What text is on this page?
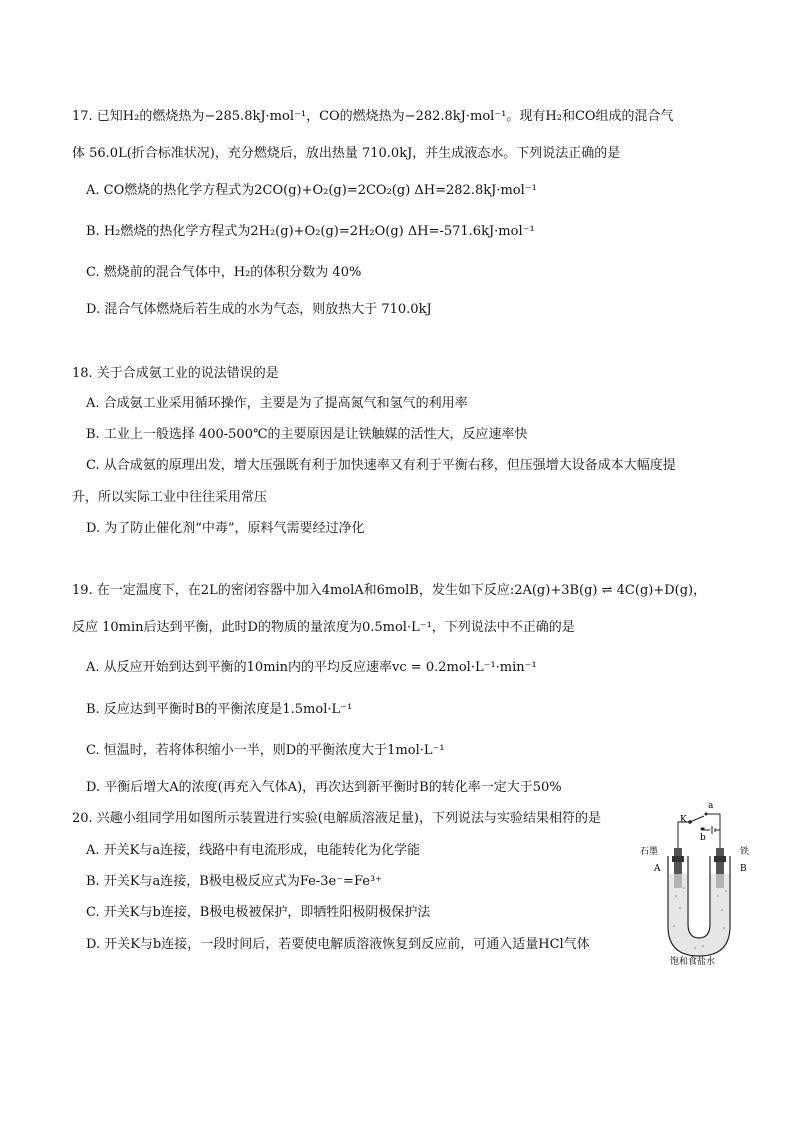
17. 已知H₂的燃烧热为−285.8kJ·mol⁻¹，CO的燃烧热为−282.8kJ·mol⁻¹。现有H₂和CO组成的混合气
体 56.0L(折合标准状况)，充分燃烧后，放出热量 710.0kJ，并生成液态水。下列说法正确的是
A. CO燃烧的热化学方程式为2CO(g)+O₂(g)=2CO₂(g) ΔH=282.8kJ·mol⁻¹
B. H₂燃烧的热化学方程式为2H₂(g)+O₂(g)=2H₂O(g) ΔH=-571.6kJ·mol⁻¹
C. 燃烧前的混合气体中，H₂的体积分数为 40%
D. 混合气体燃烧后若生成的水为气态，则放热大于 710.0kJ
18. 关于合成氨工业的说法错误的是
A. 合成氨工业采用循环操作，主要是为了提高氮气和氢气的利用率
B. 工业上一般选择 400-500℃的主要原因是让铁触媒的活性大，反应速率快
C. 从合成氨的原理出发，增大压强既有利于加快速率又有利于平衡右移，但压强增大设备成本大幅度提
升，所以实际工业中往往采用常压
D. 为了防止催化剂“中毒”，原料气需要经过净化
19. 在一定温度下，在2L的密闭容器中加入4molA和6molB，发生如下反应:2A(g)+3B(g) ⇌ 4C(g)+D(g)，
反应 10min后达到平衡，此时D的物质的量浓度为0.5mol·L⁻¹，下列说法中不正确的是
A. 从反应开始到达到平衡的10min内的平均反应速率vc = 0.2mol·L⁻¹·min⁻¹
B. 反应达到平衡时B的平衡浓度是1.5mol·L⁻¹
C. 恒温时，若将体积缩小一半，则D的平衡浓度大于1mol·L⁻¹
D. 平衡后增大A的浓度(再充入气体A)，再次达到新平衡时B的转化率一定大于50%
20. 兴趣小组同学用如图所示装置进行实验(电解质溶液足量)，下列说法与实验结果相符的是
A. 开关K与a连接，线路中有电流形成，电能转化为化学能
B. 开关K与a连接，B极电极反应式为Fe-3e⁻=Fe³⁺
C. 开关K与b连接，B极电极被保护，即牺牲阳极阴极保护法
D. 开关K与b连接，一段时间后，若要使电解质溶液恢复到反应前，可通入适量HCl气体
a
b
K
石墨	铁
A	B
饱和食盐水
